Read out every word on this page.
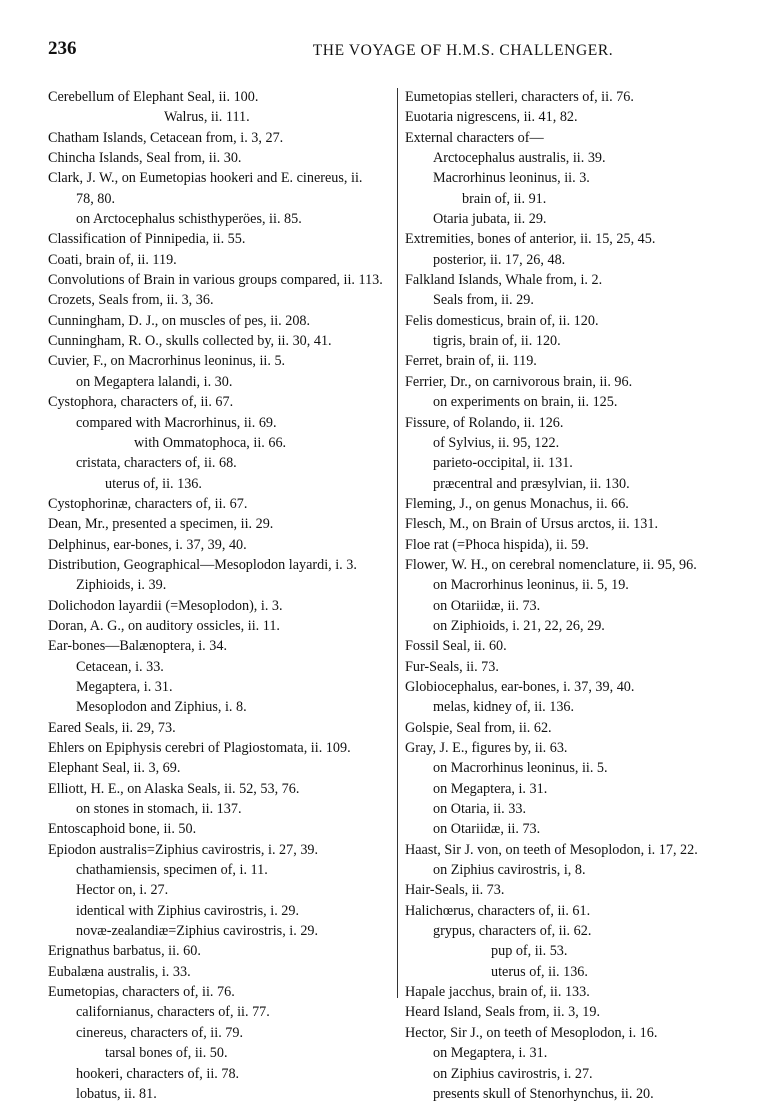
236	THE VOYAGE OF H.M.S. CHALLENGER.
Cerebellum of Elephant Seal, ii. 100.
Walrus, ii. 111.
Chatham Islands, Cetacean from, i. 3, 27.
Chincha Islands, Seal from, ii. 30.
Clark, J. W., on Eumetopias hookeri and E. cinereus, ii.
78, 80.
on Arctocephalus schisthyperöes, ii. 85.
Classification of Pinnipedia, ii. 55.
Coati, brain of, ii. 119.
Convolutions of Brain in various groups compared, ii. 113.
Crozets, Seals from, ii. 3, 36.
Cunningham, D. J., on muscles of pes, ii. 208.
Cunningham, R. O., skulls collected by, ii. 30, 41.
Cuvier, F., on Macrorhinus leoninus, ii. 5.
on Megaptera lalandi, i. 30.
Cystophora, characters of, ii. 67.
compared with Macrorhinus, ii. 69.
with Ommatophoca, ii. 66.
cristata, characters of, ii. 68.
uterus of, ii. 136.
Cystophorinæ, characters of, ii. 67.
Dean, Mr., presented a specimen, ii. 29.
Delphinus, ear-bones, i. 37, 39, 40.
Distribution, Geographical—Mesoplodon layardi, i. 3.
Ziphioids, i. 39.
Dolichodon layardii (=Mesoplodon), i. 3.
Doran, A. G., on auditory ossicles, ii. 11.
Ear-bones—Balænoptera, i. 34.
Cetacean, i. 33.
Megaptera, i. 31.
Mesoplodon and Ziphius, i. 8.
Eared Seals, ii. 29, 73.
Ehlers on Epiphysis cerebri of Plagiostomata, ii. 109.
Elephant Seal, ii. 3, 69.
Elliott, H. E., on Alaska Seals, ii. 52, 53, 76.
on stones in stomach, ii. 137.
Entoscaphoid bone, ii. 50.
Epiodon australis=Ziphius cavirostris, i. 27, 39.
chathamiensis, specimen of, i. 11.
Hector on, i. 27.
identical with Ziphius cavirostris, i. 29.
novæ-zealandiæ=Ziphius cavirostris, i. 29.
Erignathus barbatus, ii. 60.
Eubalæna australis, i. 33.
Eumetopias, characters of, ii. 76.
californianus, characters of, ii. 77.
cinereus, characters of, ii. 79.
tarsal bones of, ii. 50.
hookeri, characters of, ii. 78.
lobatus, ii. 81.
Eumetopias stelleri, characters of, ii. 76.
Euotaria nigrescens, ii. 41, 82.
External characters of—
Arctocephalus australis, ii. 39.
Macrorhinus leoninus, ii. 3.
brain of, ii. 91.
Otaria jubata, ii. 29.
Extremities, bones of anterior, ii. 15, 25, 45.
posterior, ii. 17, 26, 48.
Falkland Islands, Whale from, i. 2.
Seals from, ii. 29.
Felis domesticus, brain of, ii. 120.
tigris, brain of, ii. 120.
Ferret, brain of, ii. 119.
Ferrier, Dr., on carnivorous brain, ii. 96.
on experiments on brain, ii. 125.
Fissure, of Rolando, ii. 126.
of Sylvius, ii. 95, 122.
parieto-occipital, ii. 131.
præcentral and præsylvian, ii. 130.
Fleming, J., on genus Monachus, ii. 66.
Flesch, M., on Brain of Ursus arctos, ii. 131.
Floe rat (=Phoca hispida), ii. 59.
Flower, W. H., on cerebral nomenclature, ii. 95, 96.
on Macrorhinus leoninus, ii. 5, 19.
on Otariidæ, ii. 73.
on Ziphioids, i. 21, 22, 26, 29.
Fossil Seal, ii. 60.
Fur-Seals, ii. 73.
Globiocephalus, ear-bones, i. 37, 39, 40.
melas, kidney of, ii. 136.
Golspie, Seal from, ii. 62.
Gray, J. E., figures by, ii. 63.
on Macrorhinus leoninus, ii. 5.
on Megaptera, i. 31.
on Otaria, ii. 33.
on Otariidæ, ii. 73.
Haast, Sir J. von, on teeth of Mesoplodon, i. 17, 22.
on Ziphius cavirostris, i, 8.
Hair-Seals, ii. 73.
Halichœrus, characters of, ii. 61.
grypus, characters of, ii. 62.
pup of, ii. 53.
uterus of, ii. 136.
Hapale jacchus, brain of, ii. 133.
Heard Island, Seals from, ii. 3, 19.
Hector, Sir J., on teeth of Mesoplodon, i. 16.
on Megaptera, i. 31.
on Ziphius cavirostris, i. 27.
presents skull of Stenorhynchus, ii. 20.
